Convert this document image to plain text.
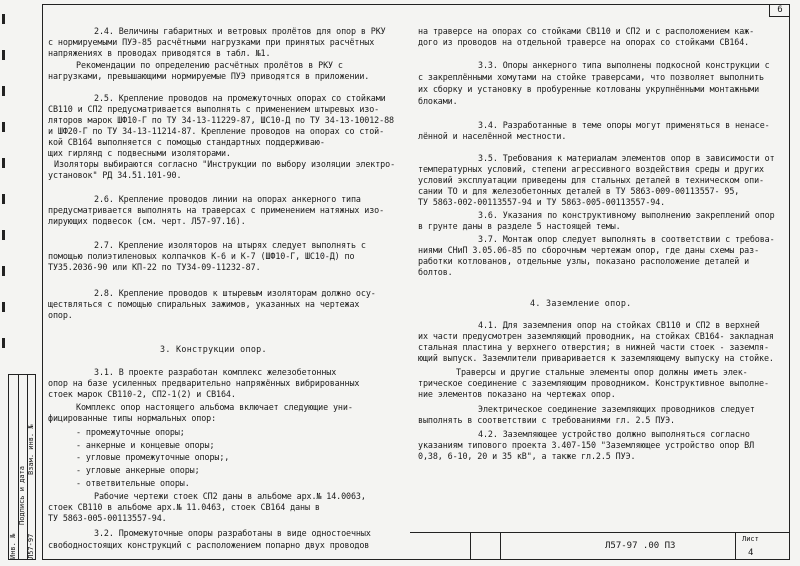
6
Инв. №
Подпись и дата
Взам. инв. №
Л57-97
2.4. Величины габаритных и ветровых пролётов для опор в РКУ
с нормируемыми ПУЭ-85 расчётными нагрузками при принятых расчётных
напряжениях в проводах приводятся в табл. №1.
Рекомендации по определению расчётных пролётов в РКУ с
нагрузками, превышающими нормируемые ПУЭ приводятся в приложении.
2.5. Крепление проводов на промежуточных опорах со стойками
СВ110 и СП2 предусматривается выполнять с применением штыревых изо-
ляторов марок ШФ10-Г по ТУ 34-13-11229-87, ШС10-Д по ТУ 34-13-10012-88
и ШФ20-Г по ТУ 34-13-11214-87. Крепление проводов на опорах со стой-
кой СВ164 выполняется с помощью стандартных поддерживаю-
щих гирлянд с подвесными изоляторами.
Изоляторы выбираются согласно "Инструкции по выбору изоляции электро-
установок" РД 34.51.101-90.
2.6. Крепление проводов линии на опорах анкерного типа
предусматривается выполнять на траверсах с применением натяжных изо-
лирующих подвесок (см. черт. Л57-97.16).
2.7. Крепление изоляторов на штырях следует выполнять с
помощью полиэтиленовых колпачков К-6 и К-7 (ШФ10-Г, ШС10-Д) по
ТУ35.2036-90 или КП-22 по ТУ34-09-11232-87.
2.8. Крепление проводов к штыревым изоляторам должно осу-
ществляться с помощью спиральных зажимов, указанных на чертежах
опор.
3. Конструкции опор.
3.1. В проекте разработан комплекс железобетонных
опор на базе усиленных предварительно напряжённых вибрированных
стоек марок СВ110-2, СП2-1(2) и СВ164.
Комплекс опор настоящего альбома включает следующие уни-
фицированные типы нормальных опор:
- промежуточные опоры;
- анкерные и концевые опоры;
- угловые промежуточные опоры;,
- угловые анкерные опоры;
- ответвительные опоры.
Рабочие чертежи стоек СП2 даны в альбоме арх.№ 14.0063,
стоек СВ110 в альбоме арх.№ 11.0463, стоек СВ164 даны в
ТУ 5863-005-00113557-94.
3.2. Промежуточные опоры разработаны в виде одностоечных
свободностоящих конструкций с расположением попарно двух проводов
на траверсе на опорах со стойками СВ110 и СП2 и с расположением каж-
дого из проводов на отдельной траверсе на опорах со стойками СВ164.
3.3. Опоры анкерного типа выполнены подкосной конструкции с
с закреплёнными хомутами на стойке траверсами, что позволяет выполнить
их сборку и установку в пробуренные котлованы укрупнёнными монтажными
блоками.
3.4. Разработанные в теме опоры могут применяться в ненасе-
лённой и населённой местности.
3.5. Требования к материалам элементов опор в зависимости от
температурных условий, степени агрессивного воздействия среды и других
условий эксплуатации приведены для стальных деталей в техническом опи-
сании ТО и для железобетонных деталей в ТУ 5863-009-00113557- 95,
ТУ 5863-002-00113557-94 и ТУ 5863-005-00113557-94.
3.6. Указания по конструктивному выполнению закреплений опор
в грунте даны в разделе 5 настоящей темы.
3.7. Монтаж опор следует выполнять в соответствии с требова-
ниями СНиП 3.05.06-85 по сборочным чертежам опор, где даны схемы раз-
работки котлованов, отдельные узлы, показано расположение деталей и
болтов.
4. Заземление опор.
4.1. Для заземления опор на стойках СВ110 и СП2 в верхней
их части предусмотрен заземляющий проводник, на стойках СВ164- закладная
стальная пластина у верхнего отверстия; в нижней части стоек - заземля-
ющий выпуск. Заземлители приваривается к заземляющему выпуску на стойке.
Траверсы и другие стальные элементы опор должны иметь элек-
трическое соединение с заземляющим проводником. Конструктивное выполне-
ние элементов показано на чертежах опор.
Электрическое соединение заземляющих проводников следует
выполнять в соответствии с требованиями гл. 2.5 ПУЭ.
4.2. Заземляющее устройство должно выполняться согласно
указаниям типового проекта 3.407-150 "Заземляющее устройство опор ВЛ
0,38, 6-10, 20 и 35 кВ", а также гл.2.5 ПУЭ.
Л57-97 .00 ПЗ
Лист
4
